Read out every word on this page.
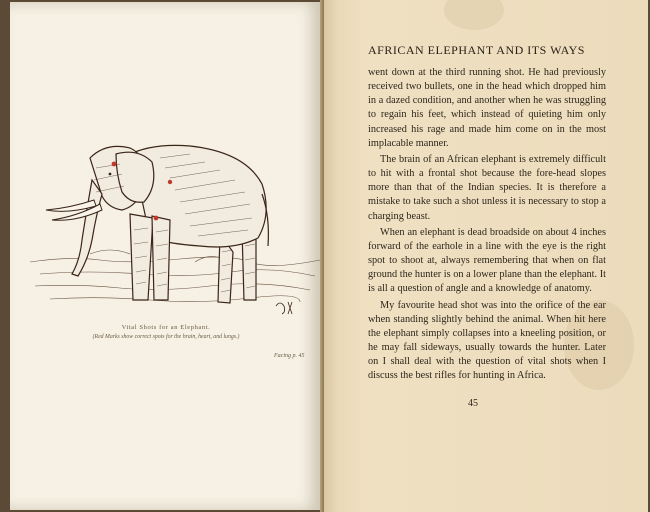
Vital Shots for an Elephant.
(Red Marks show correct spots for the brain, heart, and lungs.)
Facing p. 45
AFRICAN ELEPHANT AND ITS WAYS

went down at the third running shot. He had previously received two bullets, one in the head which dropped him in a dazed condition, and another when he was struggling to regain his feet, which instead of quieting him only increased his rage and made him come on in the most implacable manner.

The brain of an African elephant is extremely difficult to hit with a frontal shot because the fore-head slopes more than that of the Indian species. It is therefore a mistake to take such a shot unless it is necessary to stop a charging beast.

When an elephant is dead broadside on about 4 inches forward of the earhole in a line with the eye is the right spot to shoot at, always remembering that when on flat ground the hunter is on a lower plane than the elephant. It is all a question of angle and a knowledge of anatomy.

My favourite head shot was into the orifice of the ear when standing slightly behind the animal. When hit here the elephant simply collapses into a kneeling position, or he may fall sideways, usually towards the hunter. Later on I shall deal with the question of vital shots when I discuss the best rifles for hunting in Africa.

45
